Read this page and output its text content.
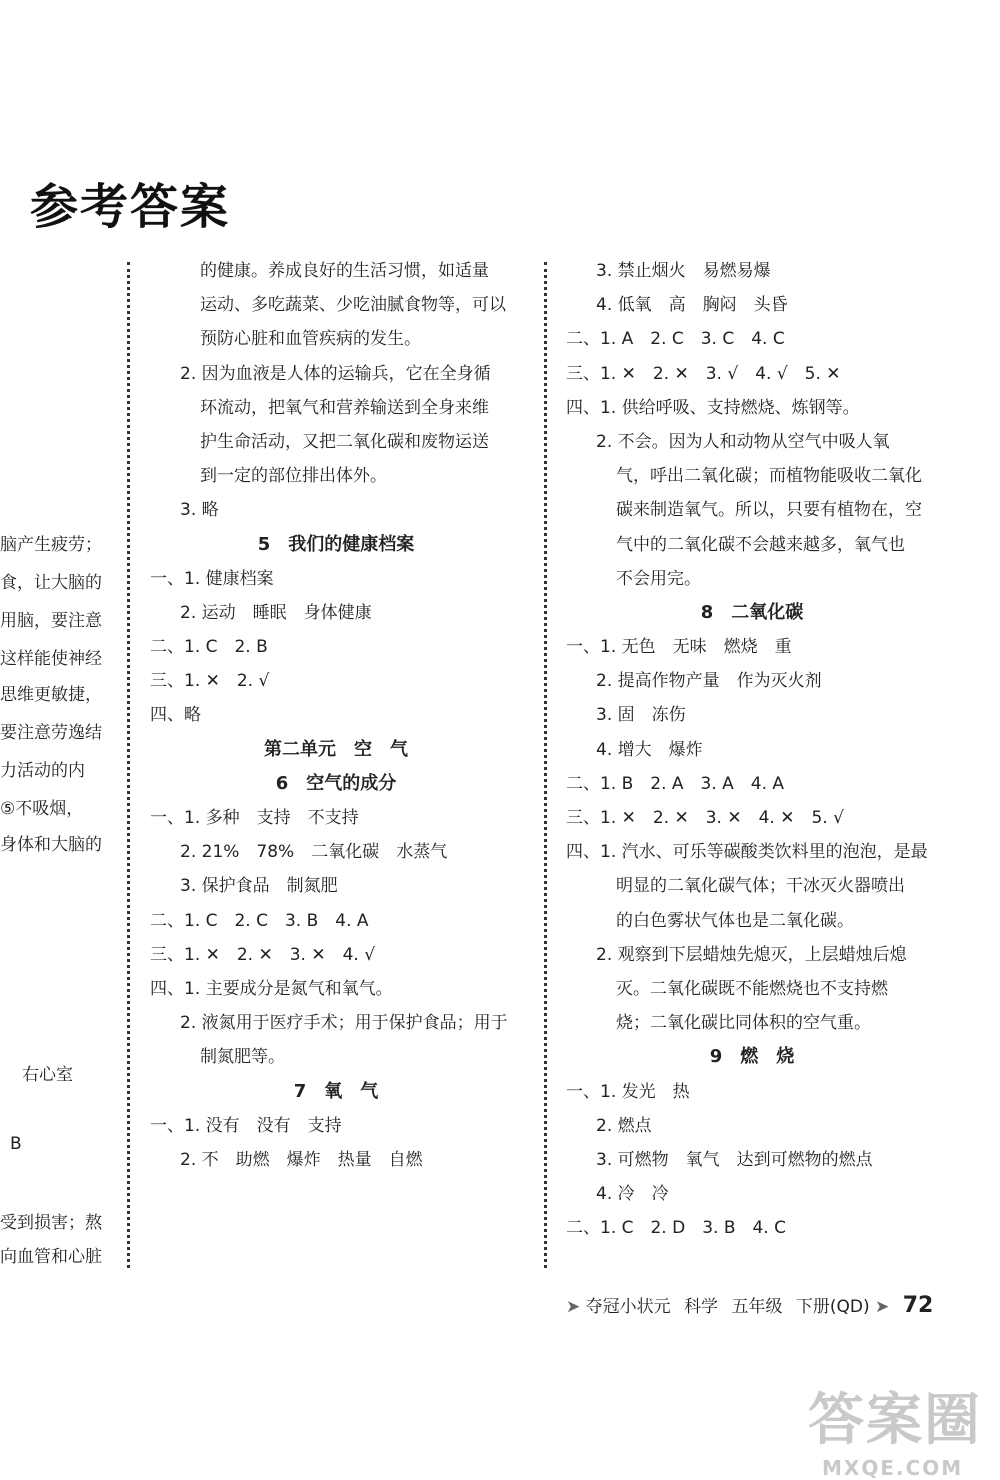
参考答案
脑产生疲劳；
食，让大脑的
用脑，要注意
这样能使神经
思维更敏捷，
要注意劳逸结
力活动的内
⑤不吸烟，
身体和大脑的
右心室
B
受到损害；熬
向血管和心脏
的健康。养成良好的生活习惯，如适量
运动、多吃蔬菜、少吃油腻食物等，可以
预防心脏和血管疾病的发生。
2. 因为血液是人体的运输兵，它在全身循
环流动，把氧气和营养输送到全身来维
护生命活动，又把二氧化碳和废物运送
到一定的部位排出体外。
3. 略
5　我们的健康档案
一、1. 健康档案
2. 运动　睡眠　身体健康
二、1. C　2. B
三、1. ✕　2. √
四、略
第二单元　空　气
6　空气的成分
一、1. 多种　支持　不支持
2. 21%　78%　二氧化碳　水蒸气
3. 保护食品　制氮肥
二、1. C　2. C　3. B　4. A
三、1. ✕　2. ✕　3. ✕　4. √
四、1. 主要成分是氮气和氧气。
2. 液氮用于医疗手术；用于保护食品；用于
制氮肥等。
7　氧　气
一、1. 没有　没有　支持
2. 不　助燃　爆炸　热量　自燃
3. 禁止烟火　易燃易爆
4. 低氧　高　胸闷　头昏
二、1. A　2. C　3. C　4. C
三、1. ✕　2. ✕　3. √　4. √　5. ✕
四、1. 供给呼吸、支持燃烧、炼钢等。
2. 不会。因为人和动物从空气中吸人氧
气，呼出二氧化碳；而植物能吸收二氧化
碳来制造氧气。所以，只要有植物在，空
气中的二氧化碳不会越来越多，氧气也
不会用完。
8　二氧化碳
一、1. 无色　无味　燃烧　重
2. 提高作物产量　作为灭火剂
3. 固　冻伤
4. 增大　爆炸
二、1. B　2. A　3. A　4. A
三、1. ✕　2. ✕　3. ✕　4. ✕　5. √
四、1. 汽水、可乐等碳酸类饮料里的泡泡，是最
明显的二氧化碳气体；干冰灭火器喷出
的白色雾状气体也是二氧化碳。
2. 观察到下层蜡烛先熄灭，上层蜡烛后熄
灭。二氧化碳既不能燃烧也不支持燃
烧；二氧化碳比同体积的空气重。
9　燃　烧
一、1. 发光　热
2. 燃点
3. 可燃物　氧气　达到可燃物的燃点
4. 冷　冷
二、1. C　2. D　3. B　4. C
➤ 夺冠小状元 科学 五年级 下册(QD) ➤ 72
答案圈
MXQE.COM
